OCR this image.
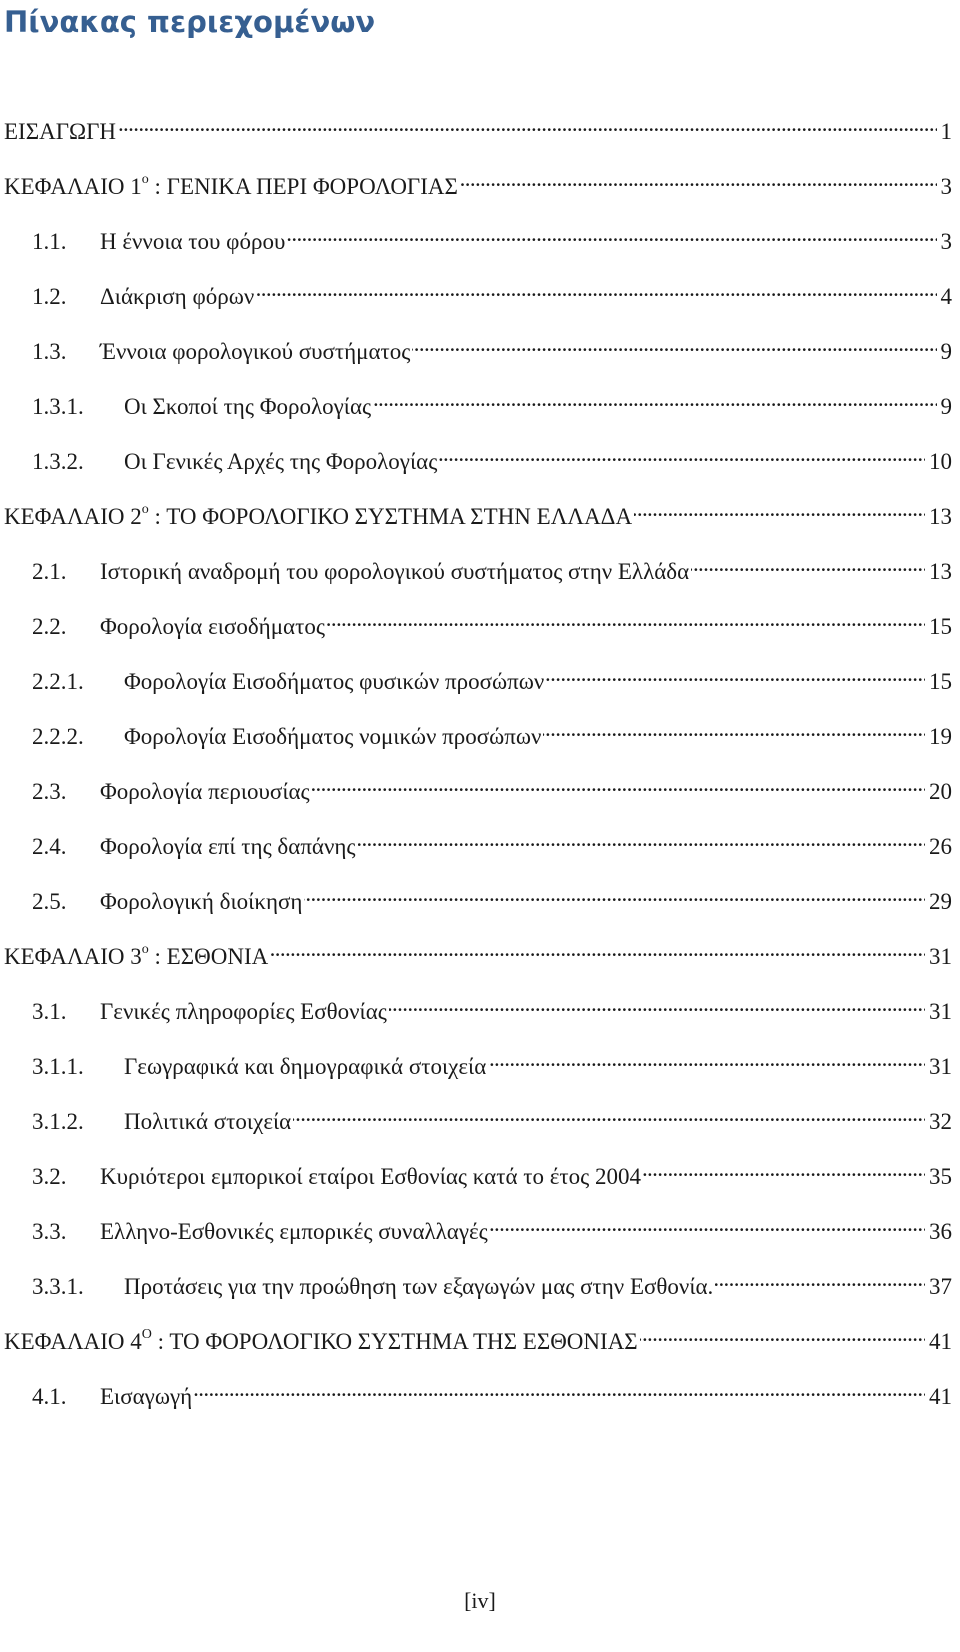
Πίνακας περιεχομένων
ΕΙΣΑΓΩΓΗ . . .	1
ΚΕΦΑΛΑΙΟ $1^o$ : ΓΕΝΙΚΑ ΠΕΡΙ ΦΟΡΟΛΟΓΙΑΣ . . .	3
1.1.	Η έννοια του φόρου . . .	3
1.2.	Διάκριση φόρων . . .	4
1.3.	Έννοια φορολογικού συστήματος . . .	9
1.3.1.	Οι Σκοποί της Φορολογίας . . .	9
1.3.2.	Οι Γενικές Αρχές της Φορολογίας . . .	10
ΚΕΦΑΛΑΙΟ $2^o$ : ΤΟ ΦΟΡΟΛΟΓΙΚΟ ΣΥΣΤΗΜΑ ΣΤΗΝ ΕΛΛΑΔΑ . . .	13
2.1.	Ιστορική αναδρομή του φορολογικού συστήματος στην Ελλάδα . . .	13
2.2.	Φορολογία εισοδήματος . . .	15
2.2.1.	Φορολογία Εισοδήματος φυσικών προσώπων . . .	15
2.2.2.	Φορολογία Εισοδήματος νομικών προσώπων . . .	19
2.3.	Φορολογία περιουσίας . . .	20
2.4.	Φορολογία επί της δαπάνης . . .	26
2.5.	Φορολογική διοίκηση . . .	29
ΚΕΦΑΛΑΙΟ $3^o$ : ΕΣΘΟΝΙΑ . . .	31
3.1.	Γενικές πληροφορίες Εσθονίας . . .	31
3.1.1.	Γεωγραφικά και δημογραφικά στοιχεία . . .	31
3.1.2.	Πολιτικά στοιχεία . . .	32
3.2.	Κυριότεροι εμπορικοί εταίροι Εσθονίας κατά το έτος 2004 . . .	35
3.3.	Ελληνο-Εσθονικές εμπορικές συναλλαγές . . .	36
3.3.1.	Προτάσεις για την προώθηση των εξαγωγών μας στην Εσθονία. . . .	37
ΚΕΦΑΛΑΙΟ $4^O$ : ΤΟ ΦΟΡΟΛΟΓΙΚΟ ΣΥΣΤΗΜΑ ΤΗΣ ΕΣΘΟΝΙΑΣ . . .	41
4.1.	Εισαγωγή . . .	41
[iv]
